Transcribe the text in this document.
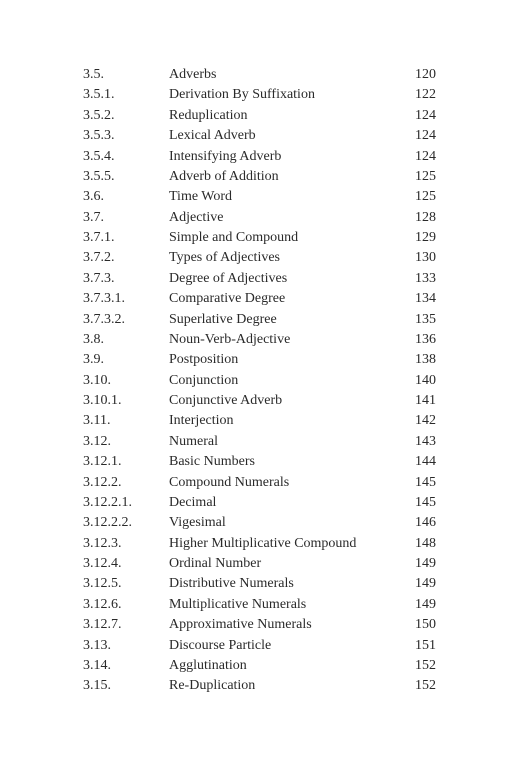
3.5.	Adverbs	120
3.5.1.	Derivation By Suffixation	122
3.5.2.	Reduplication	124
3.5.3.	Lexical Adverb	124
3.5.4.	Intensifying Adverb	124
3.5.5.	Adverb of Addition	125
3.6.	Time Word	125
3.7.	Adjective	128
3.7.1.	Simple and Compound	129
3.7.2.	Types of Adjectives	130
3.7.3.	Degree of Adjectives	133
3.7.3.1.	Comparative Degree	134
3.7.3.2.	Superlative Degree	135
3.8.	Noun-Verb-Adjective	136
3.9.	Postposition	138
3.10.	Conjunction	140
3.10.1.	Conjunctive Adverb	141
3.11.	Interjection	142
3.12.	Numeral	143
3.12.1.	Basic Numbers	144
3.12.2.	Compound Numerals	145
3.12.2.1.	Decimal	145
3.12.2.2.	Vigesimal	146
3.12.3.	Higher Multiplicative Compound	148
3.12.4.	Ordinal Number	149
3.12.5.	Distributive Numerals	149
3.12.6.	Multiplicative Numerals	149
3.12.7.	Approximative Numerals	150
3.13.	Discourse Particle	151
3.14.	Agglutination	152
3.15.	Re-Duplication	152
